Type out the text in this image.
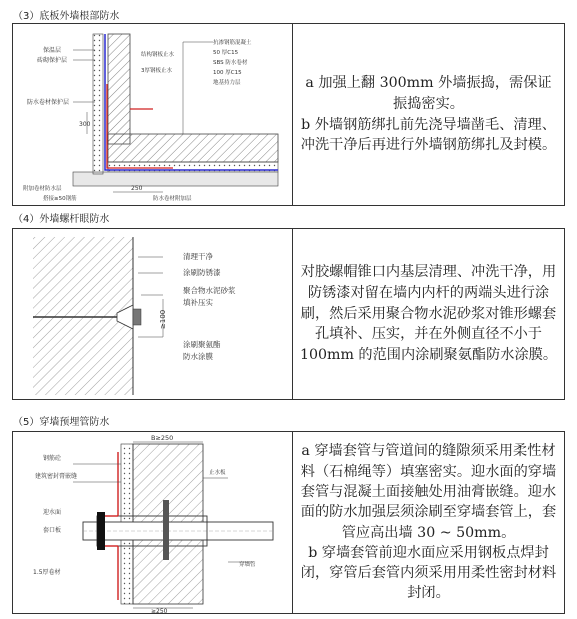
（3）底板外墙根部防水
保温层
砖砌保护层
防水卷材保护层
抗渗钢筋混凝土
50 厚C15
SBS 防水卷材
100 厚C15
地基持力层
结构钢板止水
3厚钢板止水
附加卷材防水层
搭接≥50钢筋	防水卷材附加层
300
250

a 加强上翻 300mm 外墙振捣，需保证振捣密实。

b 外墙钢筋绑扎前先浇导墙凿毛、清理、冲洗干净后再进行外墙钢筋绑扎及封模。

（4）外墙螺杆眼防水
清理干净
涂刷防锈漆
聚合物水泥砂浆
填补压实
涂刷聚氨酯
防水涂膜
≥100

对胶螺帽锥口内基层清理、冲洗干净，用防锈漆对留在墙内内杆的两端头进行涂刷，然后采用聚合物水泥砂浆对锥形螺套孔填补、压实，并在外侧直径不小于 100mm 的范围内涂刷聚氨酯防水涂膜。

（5）穿墙预埋管防水
B≥250
钢筋砼
建筑密封膏嵌缝
迎水面
套口板
止水板
穿墙管
1.5厚卷材
≥250

a 穿墙套管与管道间的缝隙须采用柔性材料（石棉绳等）填塞密实。迎水面的穿墙套管与混凝土面接触处用油膏嵌缝。迎水面的防水加强层须涂刷至穿墙套管上，套管应高出墙 30 ~ 50mm。

b 穿墙套管前迎水面应采用钢板点焊封闭，穿管后套管内须采用用柔性密封材料封闭。
